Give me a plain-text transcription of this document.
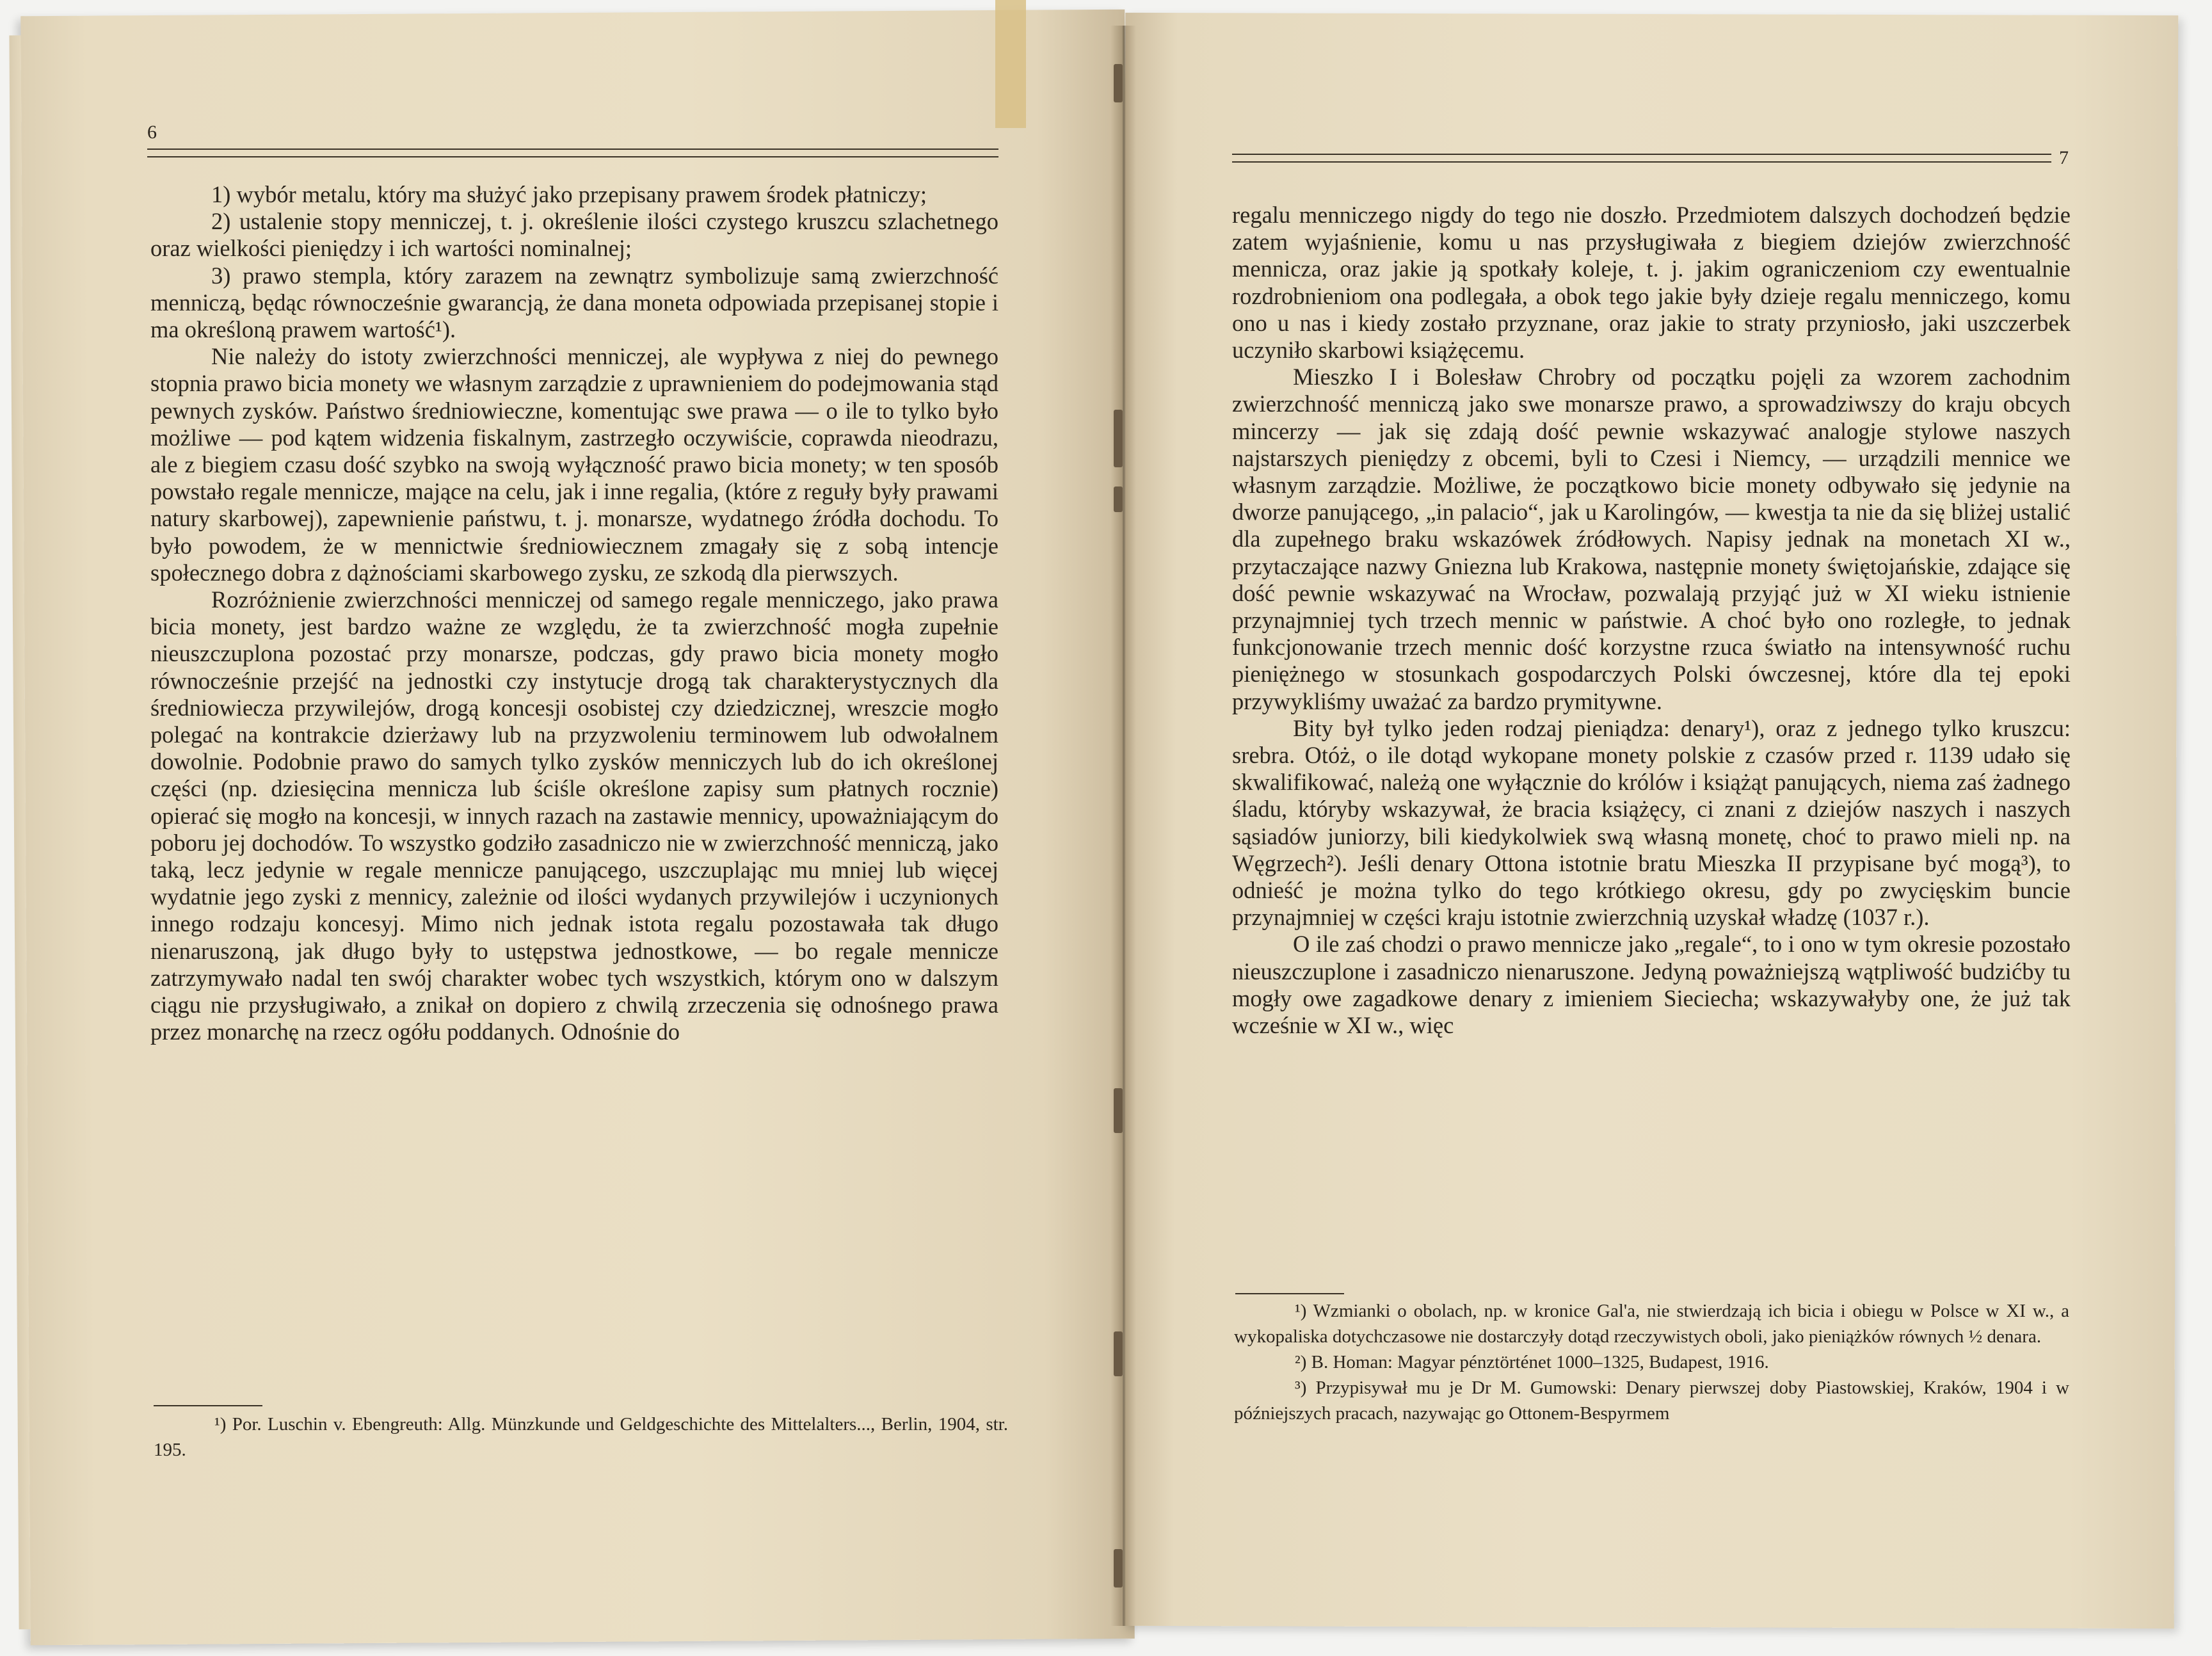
6

1) wybór metalu, który ma służyć jako przepisany prawem środek płatniczy;

2) ustalenie stopy menniczej, t. j. określenie ilości czystego kruszcu szlachetnego oraz wielkości pieniędzy i ich wartości nominalnej;

3) prawo stempla, który zarazem na zewnątrz symbolizuje samą zwierzchność menniczą, będąc równocześnie gwarancją, że dana moneta odpowiada przepisanej stopie i ma określoną prawem wartość¹).

Nie należy do istoty zwierzchności menniczej, ale wypływa z niej do pewnego stopnia prawo bicia monety we własnym zarządzie z uprawnieniem do podejmowania stąd pewnych zysków. Państwo średniowieczne, komentując swe prawa — o ile to tylko było możliwe — pod kątem widzenia fiskalnym, zastrzegło oczywiście, coprawda nieodrazu, ale z biegiem czasu dość szybko na swoją wyłączność prawo bicia monety; w ten sposób powstało regale mennicze, mające na celu, jak i inne regalia, (które z reguły były prawami natury skarbowej), zapewnienie państwu, t. j. monarsze, wydatnego źródła dochodu. To było powodem, że w mennictwie średniowiecznem zmagały się z sobą intencje społecznego dobra z dążnościami skarbowego zysku, ze szkodą dla pierwszych.

Rozróżnienie zwierzchności menniczej od samego regale menniczego, jako prawa bicia monety, jest bardzo ważne ze względu, że ta zwierzchność mogła zupełnie nieuszczuplona pozostać przy monarsze, podczas, gdy prawo bicia monety mogło równocześnie przejść na jednostki czy instytucje drogą tak charakterystycznych dla średniowiecza przywilejów, drogą koncesji osobistej czy dziedzicznej, wreszcie mogło polegać na kontrakcie dzierżawy lub na przyzwoleniu terminowem lub odwołalnem dowolnie. Podobnie prawo do samych tylko zysków menniczych lub do ich określonej części (np. dziesięcina mennicza lub ściśle określone zapisy sum płatnych rocznie) opierać się mogło na koncesji, w innych razach na zastawie mennicy, upoważniającym do poboru jej dochodów. To wszystko godziło zasadniczo nie w zwierzchność menniczą, jako taką, lecz jedynie w regale mennicze panującego, uszczuplając mu mniej lub więcej wydatnie jego zyski z mennicy, zależnie od ilości wydanych przywilejów i uczynionych innego rodzaju koncesyj. Mimo nich jednak istota regalu pozostawała tak długo nienaruszoną, jak długo były to ustępstwa jednostkowe, — bo regale mennicze zatrzymywało nadal ten swój charakter wobec tych wszystkich, którym ono w dalszym ciągu nie przysługiwało, a znikał on dopiero z chwilą zrzeczenia się odnośnego prawa przez monarchę na rzecz ogółu poddanych. Odnośnie do

¹) Por. Luschin v. Ebengreuth: Allg. Münzkunde und Geldgeschichte des Mittelalters..., Berlin, 1904, str. 195.

7

regalu menniczego nigdy do tego nie doszło. Przedmiotem dalszych dochodzeń będzie zatem wyjaśnienie, komu u nas przysługiwała z biegiem dziejów zwierzchność mennicza, oraz jakie ją spotkały koleje, t. j. jakim ograniczeniom czy ewentualnie rozdrobnieniom ona podlegała, a obok tego jakie były dzieje regalu menniczego, komu ono u nas i kiedy zostało przyznane, oraz jakie to straty przyniosło, jaki uszczerbek uczyniło skarbowi książęcemu.

Mieszko I i Bolesław Chrobry od początku pojęli za wzorem zachodnim zwierzchność menniczą jako swe monarsze prawo, a sprowadziwszy do kraju obcych mincerzy — jak się zdają dość pewnie wskazywać analogje stylowe naszych najstarszych pieniędzy z obcemi, byli to Czesi i Niemcy, — urządzili mennice we własnym zarządzie. Możliwe, że początkowo bicie monety odbywało się jedynie na dworze panującego, „in palacio“, jak u Karolingów, — kwestja ta nie da się bliżej ustalić dla zupełnego braku wskazówek źródłowych. Napisy jednak na monetach XI w., przytaczające nazwy Gniezna lub Krakowa, następnie monety świętojańskie, zdające się dość pewnie wskazywać na Wrocław, pozwalają przyjąć już w XI wieku istnienie przynajmniej tych trzech mennic w państwie. A choć było ono rozległe, to jednak funkcjonowanie trzech mennic dość korzystne rzuca światło na intensywność ruchu pieniężnego w stosunkach gospodarczych Polski ówczesnej, które dla tej epoki przywykliśmy uważać za bardzo prymitywne.

Bity był tylko jeden rodzaj pieniądza: denary¹), oraz z jednego tylko kruszcu: srebra. Otóż, o ile dotąd wykopane monety polskie z czasów przed r. 1139 udało się skwalifikować, należą one wyłącznie do królów i książąt panujących, niema zaś żadnego śladu, któryby wskazywał, że bracia książęcy, ci znani z dziejów naszych i naszych sąsiadów juniorzy, bili kiedykolwiek swą własną monetę, choć to prawo mieli np. na Węgrzech²). Jeśli denary Ottona istotnie bratu Mieszka II przypisane być mogą³), to odnieść je można tylko do tego krótkiego okresu, gdy po zwycięskim buncie przynajmniej w części kraju istotnie zwierzchnią uzyskał władzę (1037 r.).

O ile zaś chodzi o prawo mennicze jako „regale“, to i ono w tym okresie pozostało nieuszczuplone i zasadniczo nienaruszone. Jedyną poważniejszą wątpliwość budzićby tu mogły owe zagadkowe denary z imieniem Sieciecha; wskazywałyby one, że już tak wcześnie w XI w., więc

¹) Wzmianki o obolach, np. w kronice Gal'a, nie stwierdzają ich bicia i obiegu w Polsce w XI w., a wykopaliska dotychczasowe nie dostarczyły dotąd rzeczywistych oboli, jako pieniążków równych ½ denara.

²) B. Homan: Magyar pénztörténet 1000–1325, Budapest, 1916.

³) Przypisywał mu je Dr M. Gumowski: Denary pierwszej doby Piastowskiej, Kraków, 1904 i w późniejszych pracach, nazywając go Ottonem-Bespyrmem
